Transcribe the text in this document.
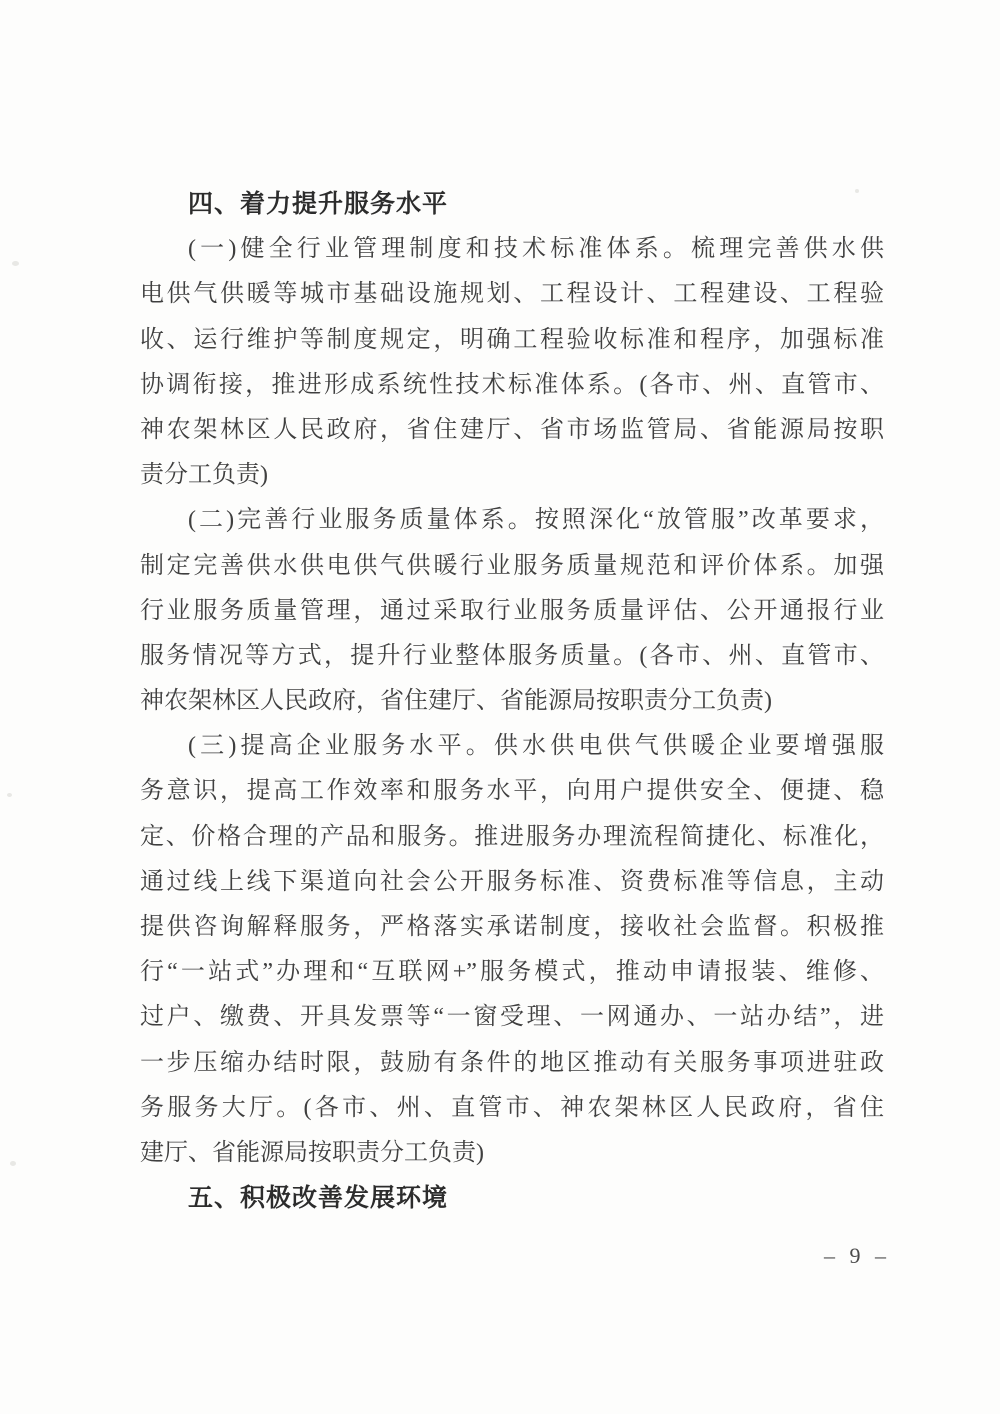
四、着力提升服务水平
(一)健全行业管理制度和技术标准体系。梳理完善供水供
电供气供暖等城市基础设施规划、工程设计、工程建设、工程验
收、运行维护等制度规定，明确工程验收标准和程序，加强标准
协调衔接，推进形成系统性技术标准体系。(各市、州、直管市、
神农架林区人民政府，省住建厅、省市场监管局、省能源局按职
责分工负责)
(二)完善行业服务质量体系。按照深化“放管服”改革要求，
制定完善供水供电供气供暖行业服务质量规范和评价体系。加强
行业服务质量管理，通过采取行业服务质量评估、公开通报行业
服务情况等方式，提升行业整体服务质量。(各市、州、直管市、
神农架林区人民政府，省住建厅、省能源局按职责分工负责)
(三)提高企业服务水平。供水供电供气供暖企业要增强服
务意识，提高工作效率和服务水平，向用户提供安全、便捷、稳
定、价格合理的产品和服务。推进服务办理流程简捷化、标准化，
通过线上线下渠道向社会公开服务标准、资费标准等信息，主动
提供咨询解释服务，严格落实承诺制度，接收社会监督。积极推
行“一站式”办理和“互联网+”服务模式，推动申请报装、维修、
过户、缴费、开具发票等“一窗受理、一网通办、一站办结”，进
一步压缩办结时限，鼓励有条件的地区推动有关服务事项进驻政
务服务大厅。(各市、州、直管市、神农架林区人民政府，省住
建厅、省能源局按职责分工负责)
五、积极改善发展环境
– 9 –
